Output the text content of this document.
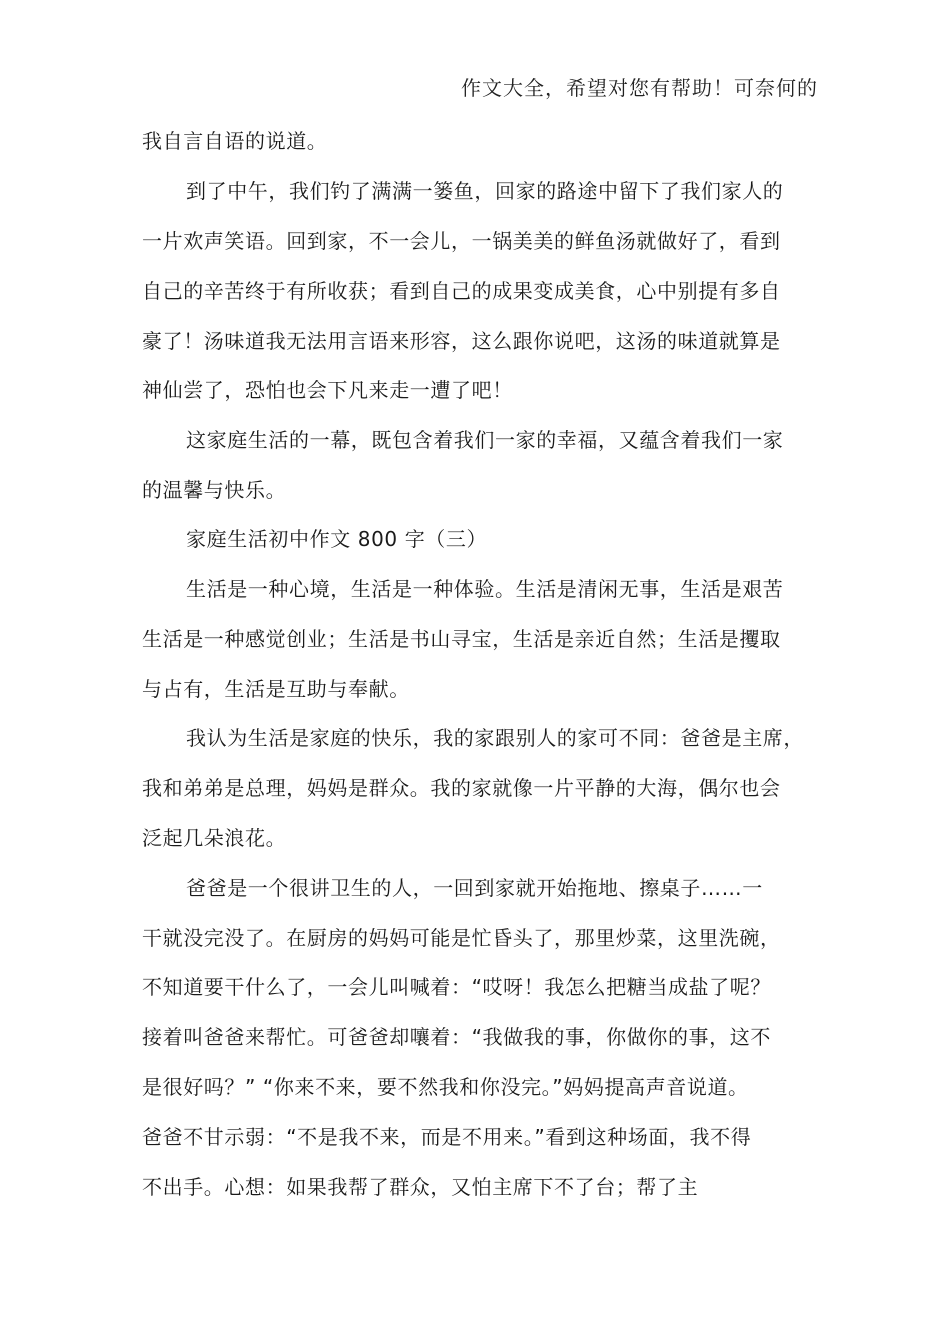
作文大全，希望对您有帮助！可奈何的
我自言自语的说道。
到了中午，我们钓了满满一篓鱼，回家的路途中留下了我们家人的
一片欢声笑语。回到家，不一会儿，一锅美美的鲜鱼汤就做好了，看到
自己的辛苦终于有所收获；看到自己的成果变成美食，心中别提有多自
豪了！汤味道我无法用言语来形容，这么跟你说吧，这汤的味道就算是
神仙尝了，恐怕也会下凡来走一遭了吧！
这家庭生活的一幕，既包含着我们一家的幸福，又蕴含着我们一家
的温馨与快乐。
家庭生活初中作文 800 字（三）
生活是一种心境，生活是一种体验。生活是清闲无事，生活是艰苦
生活是一种感觉创业；生活是书山寻宝，生活是亲近自然；生活是攫取
与占有，生活是互助与奉献。
我认为生活是家庭的快乐，我的家跟别人的家可不同：爸爸是主席，
我和弟弟是总理，妈妈是群众。我的家就像一片平静的大海，偶尔也会
泛起几朵浪花。
爸爸是一个很讲卫生的人，一回到家就开始拖地、擦桌子……一
干就没完没了。在厨房的妈妈可能是忙昏头了，那里炒菜，这里洗碗，
不知道要干什么了，一会儿叫喊着：“哎呀！我怎么把糖当成盐了呢？
接着叫爸爸来帮忙。可爸爸却嚷着：“我做我的事，你做你的事，这不
是很好吗？” “你来不来，要不然我和你没完。”妈妈提高声音说道。
爸爸不甘示弱：“不是我不来，而是不用来。”看到这种场面，我不得
不出手。心想：如果我帮了群众，又怕主席下不了台；帮了主
